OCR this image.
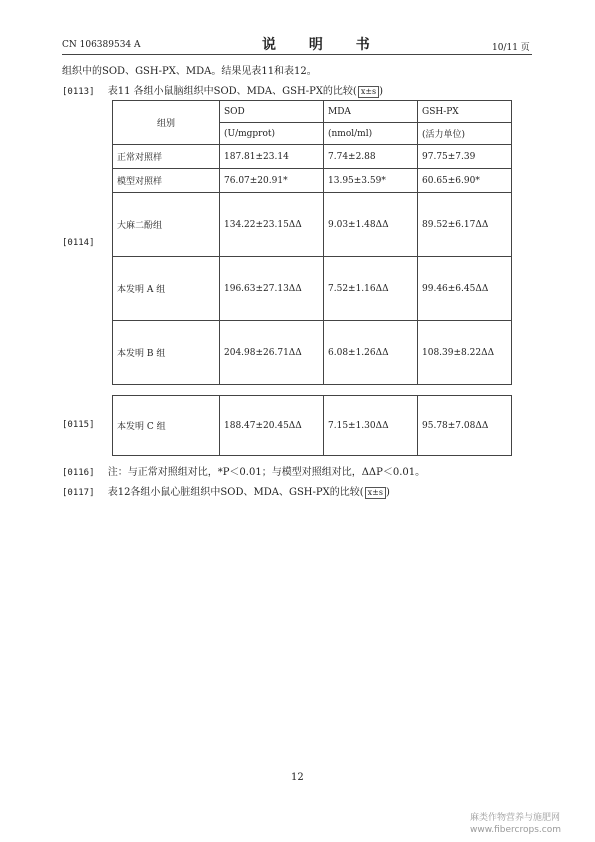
CN 106389534 A	说 明 书	10/11 页
组织中的SOD、GSH-PX、MDA。结果见表11和表12。
[0113] 表11 各组小鼠脑组织中SOD、MDA、GSH-PX的比较( x±s )
组别	SOD	MDA	GSH-PX
	(U/mgprot)	(nmol/ml)	(活力单位)
正常对照样	187.81±23.14	7.74±2.88	97.75±7.39
模型对照样	76.07±20.91*	13.95±3.59*	60.65±6.90*
大麻二酚组	134.22±23.15ΔΔ	9.03±1.48ΔΔ	89.52±6.17ΔΔ
本发明 A 组	196.63±27.13ΔΔ	7.52±1.16ΔΔ	99.46±6.45ΔΔ
本发明 B 组	204.98±26.71ΔΔ	6.08±1.26ΔΔ	108.39±8.22ΔΔ
[0114]
本发明 C 组	188.47±20.45ΔΔ	7.15±1.30ΔΔ	95.78±7.08ΔΔ
[0115]
[0116] 注：与正常对照组对比，*P＜0.01；与模型对照组对比，ΔΔP＜0.01。
[0117] 表12各组小鼠心脏组织中SOD、MDA、GSH-PX的比较( x±s )
12
麻类作物营养与施肥网
www.fibercrops.com
